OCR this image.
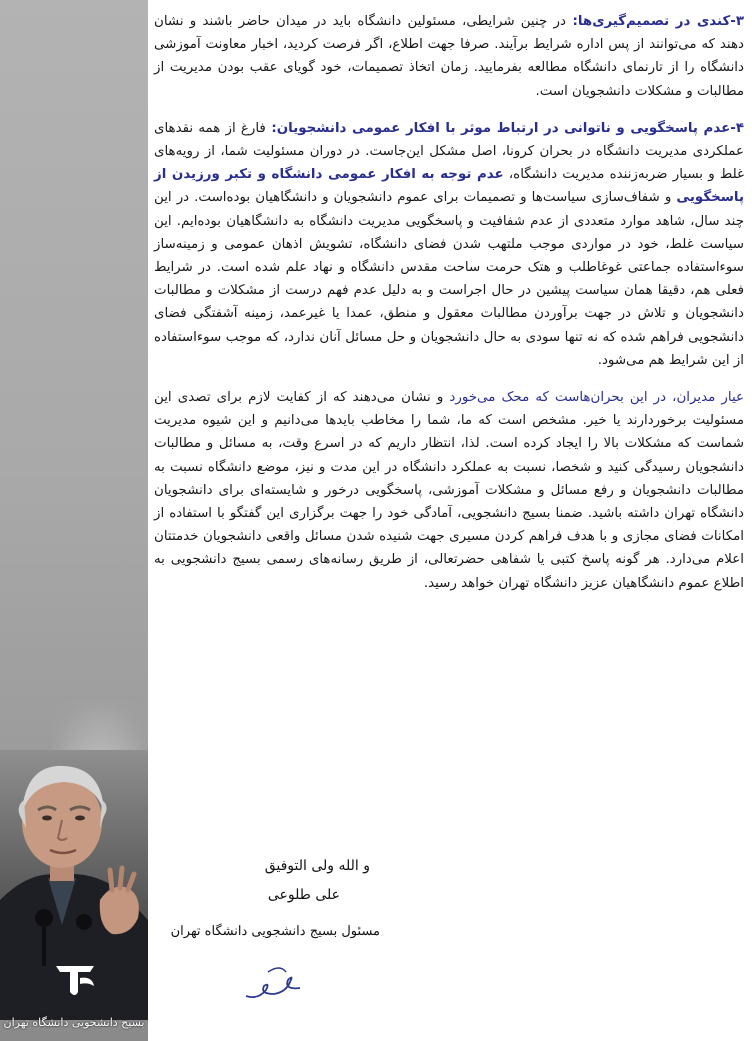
بسیج دانشجویی دانشگاه تهران

۳-کندی در تصمیم‌گیری‌ها: در چنین شرایطی، مسئولین دانشگاه باید در میدان حاضر باشند و نشان دهند که می‌توانند از پس اداره شرایط برآیند. صرفا جهت اطلاع، اگر فرصت کردید، اخبار معاونت آموزشی دانشگاه را از تارنمای دانشگاه مطالعه بفرمایید. زمان اتخاذ تصمیمات، خود گویای عقب بودن مدیریت از مطالبات و مشکلات دانشجویان است.

۴-عدم پاسخگویی و ناتوانی در ارتباط موثر با افکار عمومی دانشجویان: فارغ از همه نقدهای عملکردی مدیریت دانشگاه در بحران کرونا، اصل مشکل این‌جاست. در دوران مسئولیت شما، از رویه‌های غلط و بسیار ضربه‌زننده مدیریت دانشگاه، عدم توجه به افکار عمومی دانشگاه و تکبر ورزیدن از پاسخگویی و شفاف‌سازی سیاست‌ها و تصمیمات برای عموم دانشجویان و دانشگاهیان بوده‌است. در این چند سال، شاهد موارد متعددی از عدم شفافیت و پاسخگویی مدیریت دانشگاه به دانشگاهیان بوده‌ایم. این سیاست غلط، خود در مواردی موجب ملتهب شدن فضای دانشگاه، تشویش اذهان عمومی و زمینه‌ساز سوءاستفاده جماعتی غوغاطلب و هتک حرمت ساحت مقدس دانشگاه و نهاد علم شده است. در شرایط فعلی هم، دقیقا همان سیاست پیشین در حال اجراست و به دلیل عدم فهم درست از مشکلات و مطالبات دانشجویان و تلاش در جهت برآوردن مطالبات معقول و منطق، عمدا یا غیرعمد، زمینه آشفتگی فضای دانشجویی فراهم شده که نه تنها سودی به حال دانشجویان و حل مسائل آنان ندارد، که موجب سوءاستفاده از این شرایط هم می‌شود.

عیار مدیران، در این بحران‌هاست که محک می‌خورد و نشان می‌دهند که از کفایت لازم برای تصدی این مسئولیت برخوردارند یا خیر. مشخص است که ما، شما را مخاطب بایدها می‌دانیم و این شیوه مدیریت شماست که مشکلات بالا را ایجاد کرده است. لذا، انتظار داریم که در اسرع وقت، به مسائل و مطالبات دانشجویان رسیدگی کنید و شخصا، نسبت به عملکرد دانشگاه در این مدت و نیز، موضع دانشگاه نسبت به مطالبات دانشجویان و رفع مسائل و مشکلات آموزشی، پاسخگویی درخور و شایسته‌ای برای دانشجویان دانشگاه تهران داشته باشید. ضمنا بسیج دانشجویی، آمادگی خود را جهت برگزاری این گفتگو با استفاده از امکانات فضای مجازی و با هدف فراهم کردن مسیری جهت شنیده شدن مسائل واقعی دانشجویان خدمتتان اعلام می‌دارد. هر گونه پاسخ کتبی یا شفاهی حضرتعالی، از طریق رسانه‌های رسمی بسیج دانشجویی به اطلاع عموم دانشگاهیان عزیز دانشگاه تهران خواهد رسید.

و الله ولی التوفیق
علی طلوعی
مسئول بسیج دانشجویی دانشگاه تهران
